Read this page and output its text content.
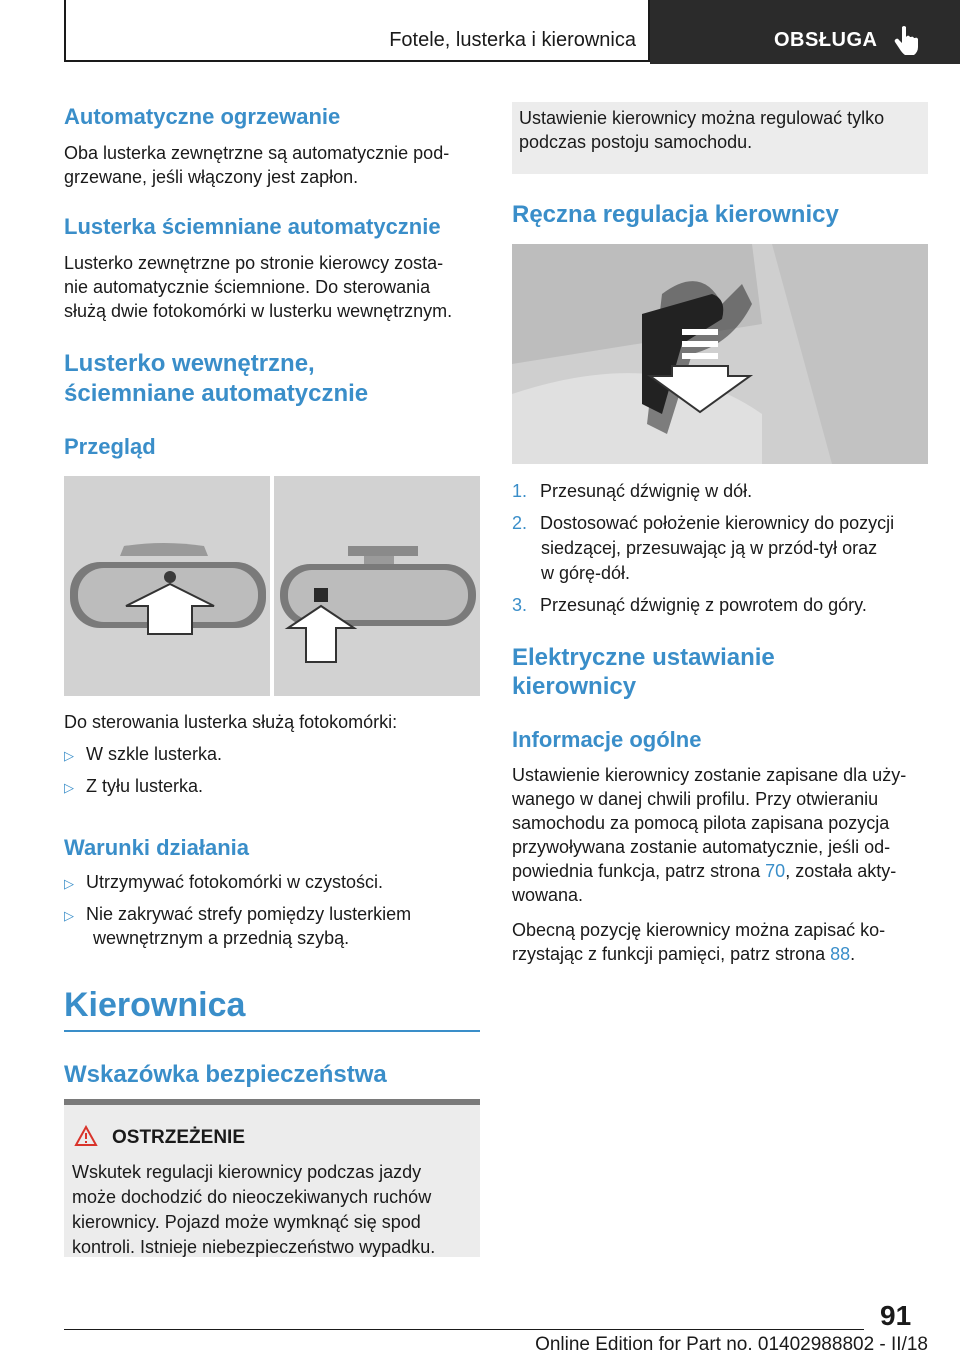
Fotele, lusterka i kierownica	OBSŁUGA
Automatyczne ogrzewanie
Oba lusterka zewnętrzne są automatycznie pod-
grzewane, jeśli włączony jest zapłon.
Lusterka ściemniane automatycznie
Lusterko zewnętrzne po stronie kierowcy zosta-
nie automatycznie ściemnione. Do sterowania
służą dwie fotokomórki w lusterku wewnętrznym.
Lusterko wewnętrzne,
ściemniane automatycznie
Przegląd
Do sterowania lusterka służą fotokomórki:
▷ W szkle lusterka.
▷ Z tyłu lusterka.
Warunki działania
▷ Utrzymywać fotokomórki w czystości.
▷ Nie zakrywać strefy pomiędzy lusterkiem
wewnętrznym a przednią szybą.
Kierownica
Wskazówka bezpieczeństwa
OSTRZEŻENIE
Wskutek regulacji kierownicy podczas jazdy
może dochodzić do nieoczekiwanych ruchów
kierownicy. Pojazd może wymknąć się spod
kontroli. Istnieje niebezpieczeństwo wypadku.
Ustawienie kierownicy można regulować tylko
podczas postoju samochodu.
Ręczna regulacja kierownicy
1. Przesunąć dźwignię w dół.
2. Dostosować położenie kierownicy do pozycji
siedzącej, przesuwając ją w przód-tył oraz
w górę-dół.
3. Przesunąć dźwignię z powrotem do góry.
Elektryczne ustawianie
kierownicy
Informacje ogólne
Ustawienie kierownicy zostanie zapisane dla uży-
wanego w danej chwili profilu. Przy otwieraniu
samochodu za pomocą pilota zapisana pozycja
przywoływana zostanie automatycznie, jeśli od-
powiednia funkcja, patrz strona 70, została akty-
wowana.
Obecną pozycję kierownicy można zapisać ko-
rzystając z funkcji pamięci, patrz strona 88.
91
Online Edition for Part no. 01402988802 - II/18
